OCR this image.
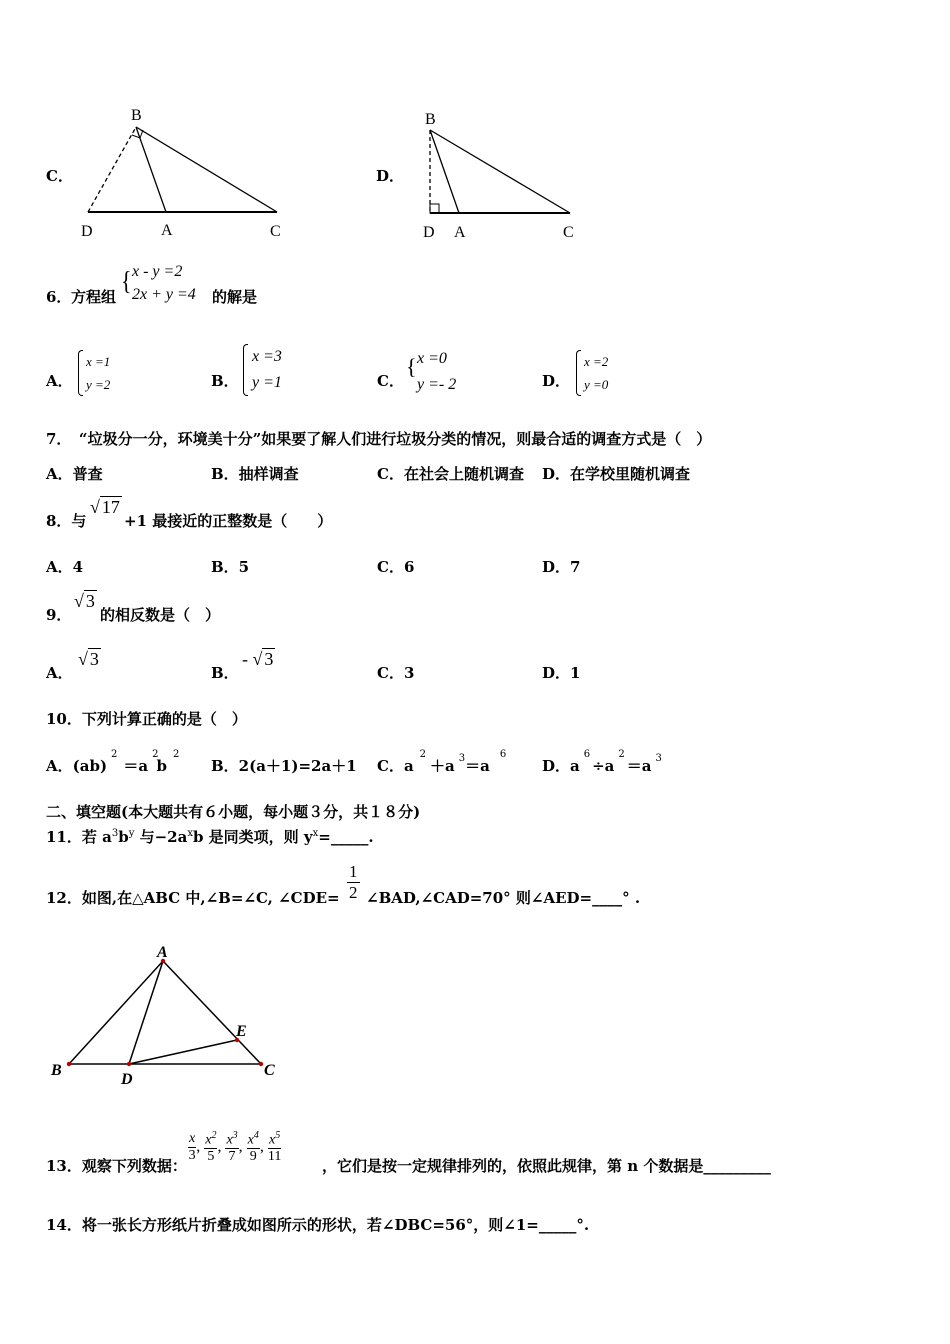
C．
B
D	A	C
D．
B
D A	C
6． 方程组
{ x - y =2
2x + y =4 的解是
A．
x =1
y =2	B．
x =3
y =1	C．
{ x =0
y =- 2	D．
x =2
y =0
7．　“垃圾分一分，环境美十分”如果要了解人们进行垃圾分类的情况，则最合适的调查方式是（　）
A．普查	B．抽样调查	C．在社会上随机调查 D．在学校里随机调查
8．与
√ 17
+1 最接近的正整数是（　　）
A．4	B．5	C．6	D．7
9．
√ 3
的相反数是（　）
A．
√ 3
B．
- √ 3
C．3	D．1
10．下列计算正确的是（　）
A．$(ab)^2=a^2b^2$
B．2(a＋1)=2a＋1 C．$a^2+a$ $^3=a^6$
D．$a^6\div a^2=a$ $^3$
二、填空题(本大题共有６小题，每小题３分，共１８分)
11．若 $a^3b^y$ 与$-2a^xb$ 是同类项，则 $y^x=\_\_\_\_\_$.
12．如图,在△ABC 中,∠B=∠C, ∠CDE= $\frac{1}{2}$ ∠BAD,∠CAD=70° 则∠AED=____° .
A
B	C
D
E
13．观察下列数据：
$\frac{x}{3}$ , $\frac{x^2}{5}$ , $\frac{x^3}{7}$ , $\frac{x^4}{9}$ , $\frac{x^5}{11}$
，它们是按一定规律排列的，依照此规律，第 n 个数据是_________
14．将一张长方形纸片折叠成如图所示的形状，若∠DBC=56°，则∠1=_____°.
